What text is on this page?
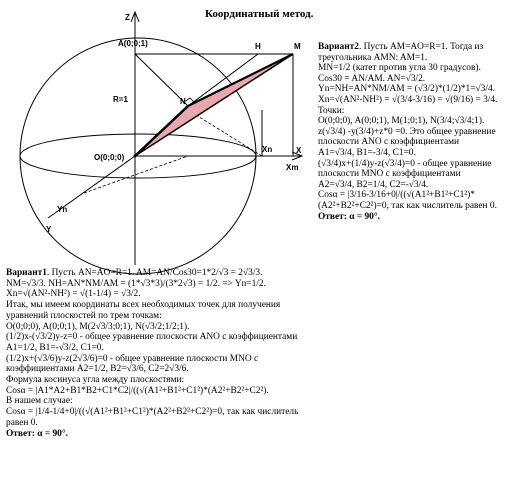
Z
A(0;0;1)	H	M
R=1	N
O(0;0;0)
Xn	X
Xm
Yn
Y
Координатный метод.
Вариант2. Пусть AM=AO=R=1. Тогда из
треугольника AMN: AM=1.
MN=1/2 (катет против угла 30 градусов).
Cos30 = AN/AM. AN=√3/2.
Yn=NH=AN*NM/AM = (√3/2)*(1/2)*1=√3/4.
Xn=√(AN²-NH²) = √(3/4-3/16) = √(9/16) = 3/4.
Точки:
O(0;0;0), A(0;0;1), M(1;0;1), N(3/4;√3/4;1).
z(√3/4) -y(3/4)+z*0 =0. Это общее уравнение
плоскости ANO с коэффициентами
A1=√3/4, B1=-3/4, C1=0.
(√3/4)x+(1/4)y-z(√3/4)=0 - общее уравнение
плоскости MNO с коэффициентами
A2=√3/4, B2=1/4, C2=-√3/4.
Cosα = |3/16-3/16+0|/((√(A1²+B1²+C1²)*
(A2²+B2²+C2²)=0, так как числитель равен 0.
Ответ: α = 90°.
Вариант1. Пусть AN=AO=R=1. AM=AN/Cos30=1*2/√3 = 2√3/3.
NM=√3/3. NH=AN*NM/AM = (1*√3*3)/(3*2√3) = 1/2. => Yn=1/2.
Xn=√(AN²-NH²) = √(1-1/4) = √3/2.
Итак, мы имеем координаты всех необходимых точек для получения
уравнений плоскостей по трем точкам:
O(0;0;0), A(0;0;1), M(2√3/3;0;1), N(√3/2;1/2;1).
(1/2)x-(√3/2)y-z=0 - общее уравнение плоскости ANO с коэффициентами
A1=1/2, B1=-√3/2, C1=0.
(1/2)x+(√3/6)y-z(2√3/6)=0 - общее уравнение плоскости MNO с
коэффициентами A2=1/2, B2=√3/6, C2=2√3/6.
Формула косинуса угла между плоскостями:
Cosα = |A1*A2+B1*B2+C1*C2|/((√(A1²+B1²+C1²)*(A2²+B2²+C2²).
В нашем случае:
Cosα = |1/4-1/4+0|/((√(A1²+B1²+C1²)*(A2²+B2²+C2²)=0, так как числитель
равен 0.
Ответ: α = 90°.
